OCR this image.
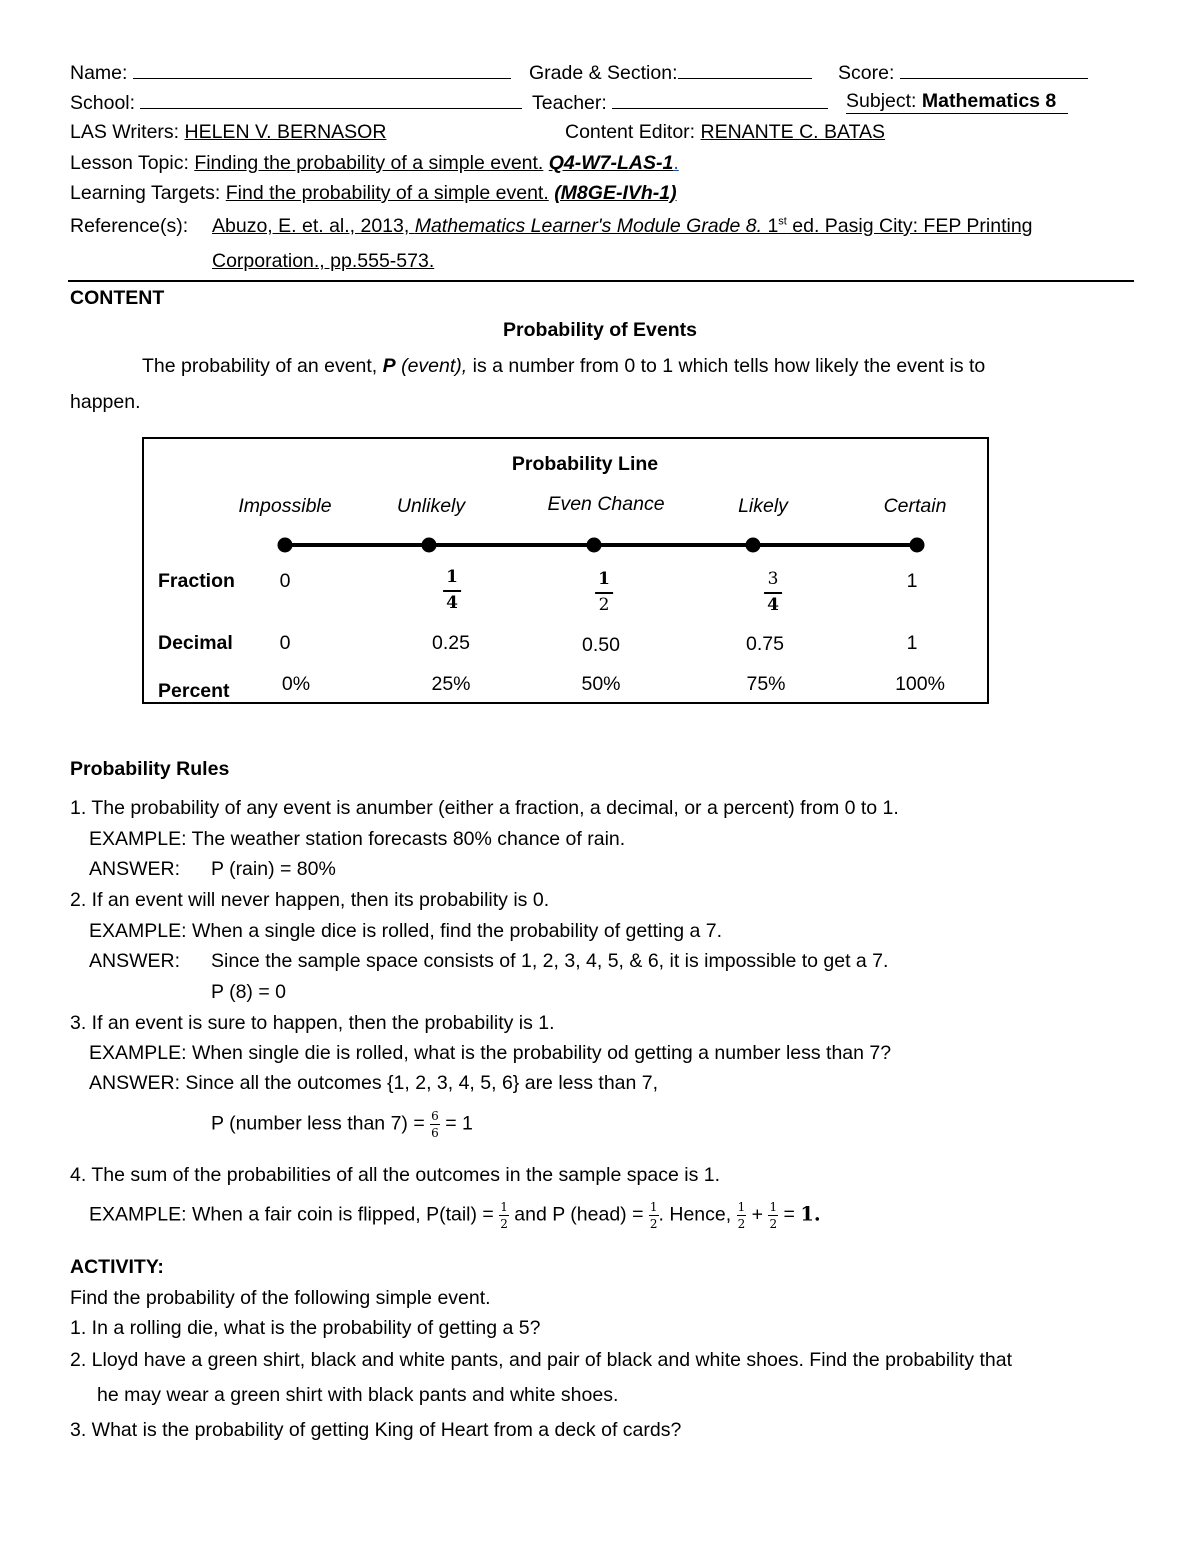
Name:	Grade & Section:	Score:
School:	Teacher:	Subject: Mathematics 8
LAS Writers: HELEN V. BERNASOR	Content Editor: RENANTE C. BATAS
Lesson Topic: Finding the probability of a simple event. Q4-W7-LAS-1.
Learning Targets: Find the probability of a simple event. (M8GE-IVh-1)
Reference(s): Abuzo, E. et. al., 2013, Mathematics Learner's Module Grade 8. 1st ed. Pasig City: FEP Printing
Corporation., pp.555-573.
CONTENT
Probability of Events
The probability of an event, P (event), is a number from 0 to 1 which tells how likely the event is to
happen.
Probability Line
Impossible	Unlikely	Even Chance	Likely	Certain
Fraction 0	$\frac{1}{4}$	$\frac{1}{2}$	$\frac{3}{4}$	1
Decimal 0	0.25	0.50	0.75	1
Percent	0%	25%	50%	75%	100%
Probability Rules
1. The probability of any event is anumber (either a fraction, a decimal, or a percent) from 0 to 1.
EXAMPLE: The weather station forecasts 80% chance of rain.
ANSWER: P (rain) = 80%
2. If an event will never happen, then its probability is 0.
EXAMPLE: When a single dice is rolled, find the probability of getting a 7.
ANSWER: Since the sample space consists of 1, 2, 3, 4, 5, & 6, it is impossible to get a 7.
P (8) = 0
3. If an event is sure to happen, then the probability is 1.
EXAMPLE: When single die is rolled, what is the probability od getting a number less than 7?
ANSWER: Since all the outcomes {1, 2, 3, 4, 5, 6} are less than 7,
P (number less than $7) = \frac{6}{6} = 1$
4. The sum of the probabilities of all the outcomes in the sample space is 1.
EXAMPLE: When a fair coin is flipped, P(tail) = $\frac{1}{2}$ and P (head) = $\frac{1}{2}$ . Hence, $\frac{1}{2} + \frac{1}{2} = 1$.
ACTIVITY:
Find the probability of the following simple event.
1. In a rolling die, what is the probability of getting a 5?
2. Lloyd have a green shirt, black and white pants, and pair of black and white shoes. Find the probability that
he may wear a green shirt with black pants and white shoes.
3. What is the probability of getting King of Heart from a deck of cards?
